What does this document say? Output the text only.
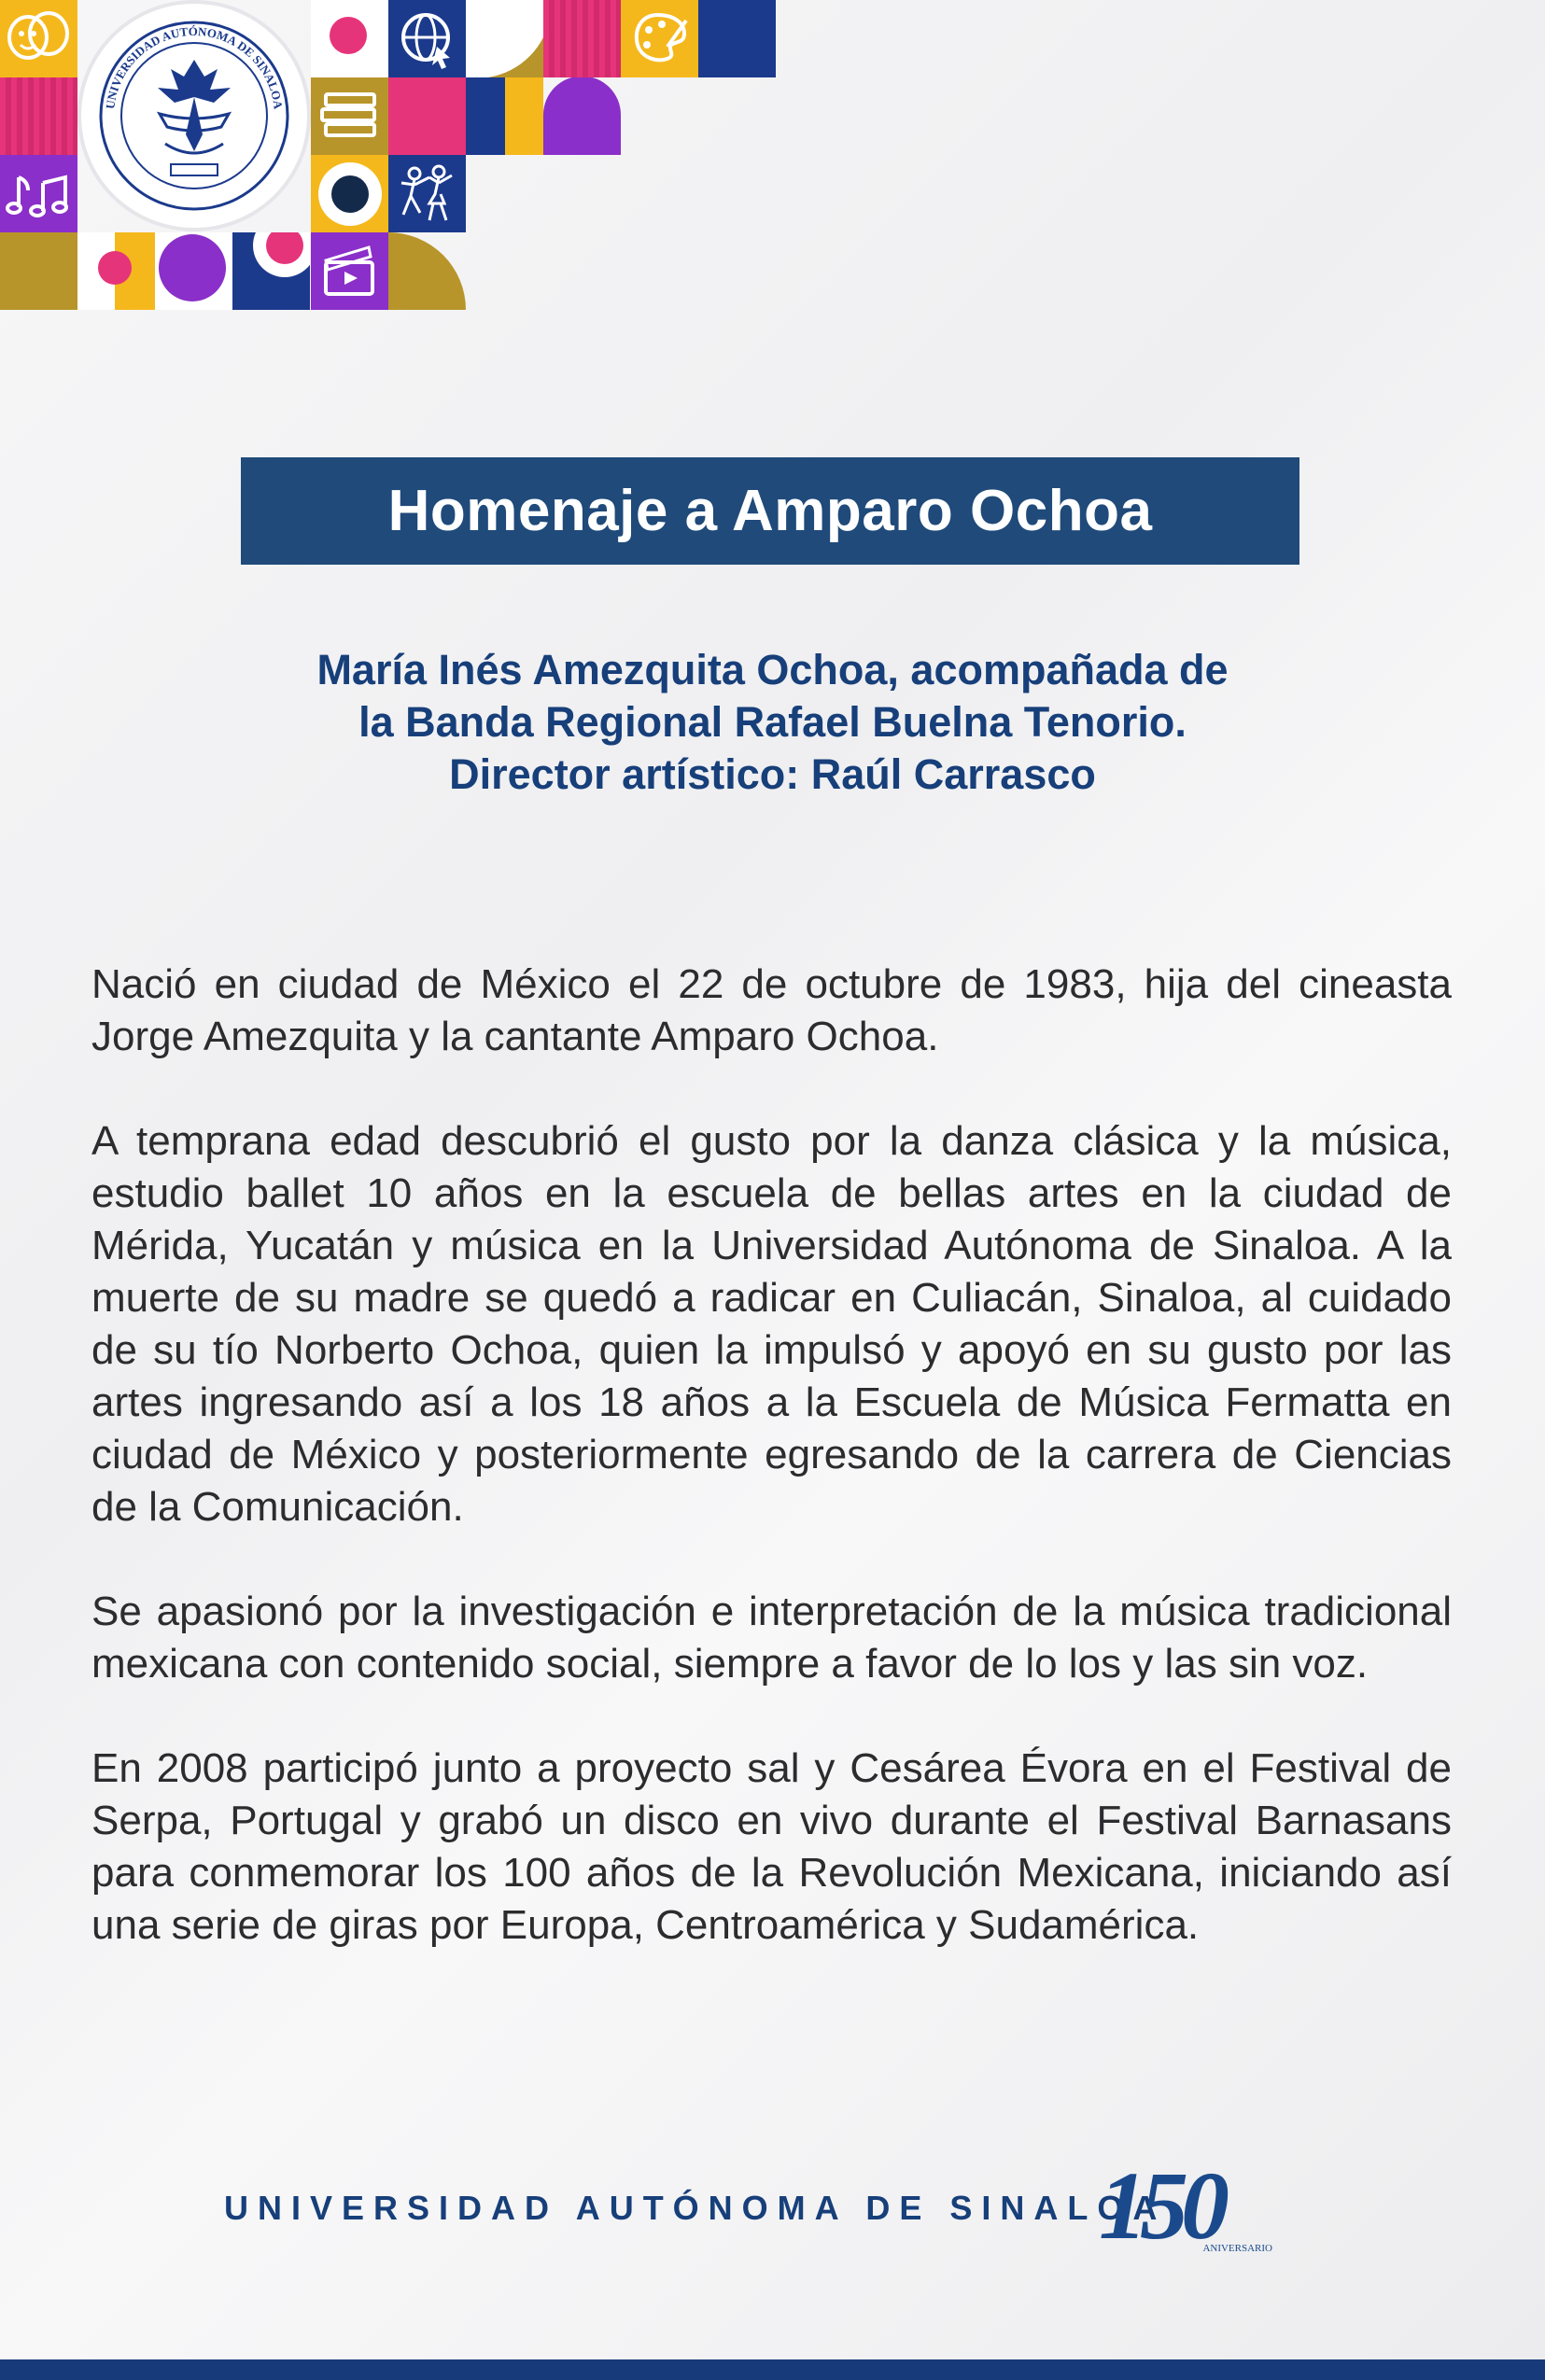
UNIVERSIDAD AUTÓNOMA DE SINALOA
Homenaje a Amparo Ochoa
María Inés Amezquita Ochoa, acompañada de
la Banda Regional Rafael Buelna Tenorio.
Director artístico: Raúl Carrasco

Nació en ciudad de México el 22 de octubre de 1983, hija del cineasta Jorge Amezquita y la cantante Amparo Ochoa.

A temprana edad descubrió el gusto por la danza clásica y la música, estudio ballet 10 años en la escuela de bellas artes en la ciudad de Mérida, Yucatán y música en la Universidad Autónoma de Sinaloa. A la muerte de su madre se quedó a radicar en Culiacán, Sinaloa, al cuidado de su tío Norberto Ochoa, quien la impulsó y apoyó en su gusto por las artes ingresando así a los 18 años a la Escuela de Música Fermatta en ciudad de México y posteriormente egresando de la carrera de Ciencias de la Comunicación.

Se apasionó por la investigación e interpretación de la música tradicional mexicana con contenido social, siempre a favor de lo los y las sin voz.

En 2008 participó junto a proyecto sal y Cesárea Évora en el Festival de Serpa, Portugal y grabó un disco en vivo durante el Festival Barnasans para conmemorar los 100 años de la Revolución Mexicana, iniciando así una serie de giras por Europa, Centroamérica y Sudamérica.

UNIVERSIDAD AUTÓNOMA DE SINALOA
150
ANIVERSARIO
